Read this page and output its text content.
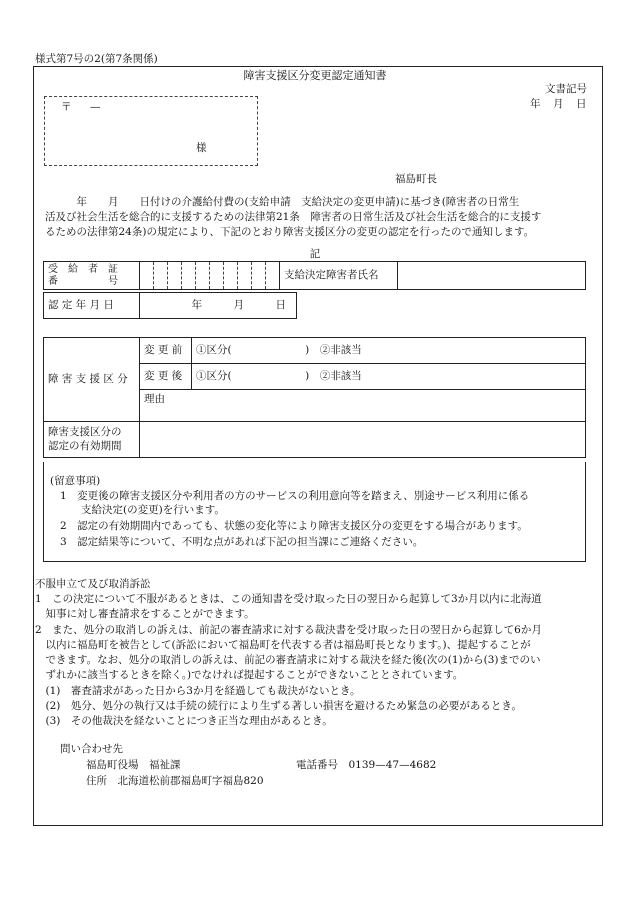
様式第7号の2(第7条関係)
障害支援区分変更認定通知書
文書記号
年　月　日
〒 —
様
福島町長
　　　年　　月　　日付けの介護給付費の(支給申請　支給決定の変更申請)に基づき(障害者の日常生
活及び社会生活を総合的に支援するための法律第21条　障害者の日常生活及び社会生活を総合的に支援す
るための法律第24条)の規定により、下記のとおり障害支援区分の変更の認定を行ったので通知します。
記
受　給　者　証
番　　　　　号
											支給決定障害者氏名	
認 定 年 月 日	年　　　月　　　日
障 害 支 援 区 分	変 更 前	①区分(　　　　　　　)　②非該当
	変 更 後	①区分(　　　　　　　)　②非該当
	理由	

障害支援区分の
認定の有効期間		

(留意事項)
1　変更後の障害支援区分や利用者の方のサービスの利用意向等を踏まえ、別途サービス利用に係る
　　支給決定(の変更)を行います。
2　認定の有効期間内であっても、状態の変化等により障害支援区分の変更をする場合があります。
3　認定結果等について、不明な点があれば下記の担当課にご連絡ください。
不服申立て及び取消訴訟
1　この決定について不服があるときは、この通知書を受け取った日の翌日から起算して3か月以内に北海道
　知事に対し審査請求をすることができます。
2　また、処分の取消しの訴えは、前記の審査請求に対する裁決書を受け取った日の翌日から起算して6か月
　以内に福島町を被告として(訴訟において福島町を代表する者は福島町長となります。)、提起することが
　できます。なお、処分の取消しの訴えは、前記の審査請求に対する裁決を経た後(次の(1)から(3)までのい
　ずれかに該当するときを除く。)でなければ提起することができないこととされています。
　(1)　審査請求があった日から3か月を経過しても裁決がないとき。
　(2)　処分、処分の執行又は手続の続行により生ずる著しい損害を避けるため緊急の必要があるとき。
　(3)　その他裁決を経ないことにつき正当な理由があるとき。
問い合わせ先
福島町役場　福祉課	電話番号　0139—47—4682
住所　北海道松前郡福島町字福島820
